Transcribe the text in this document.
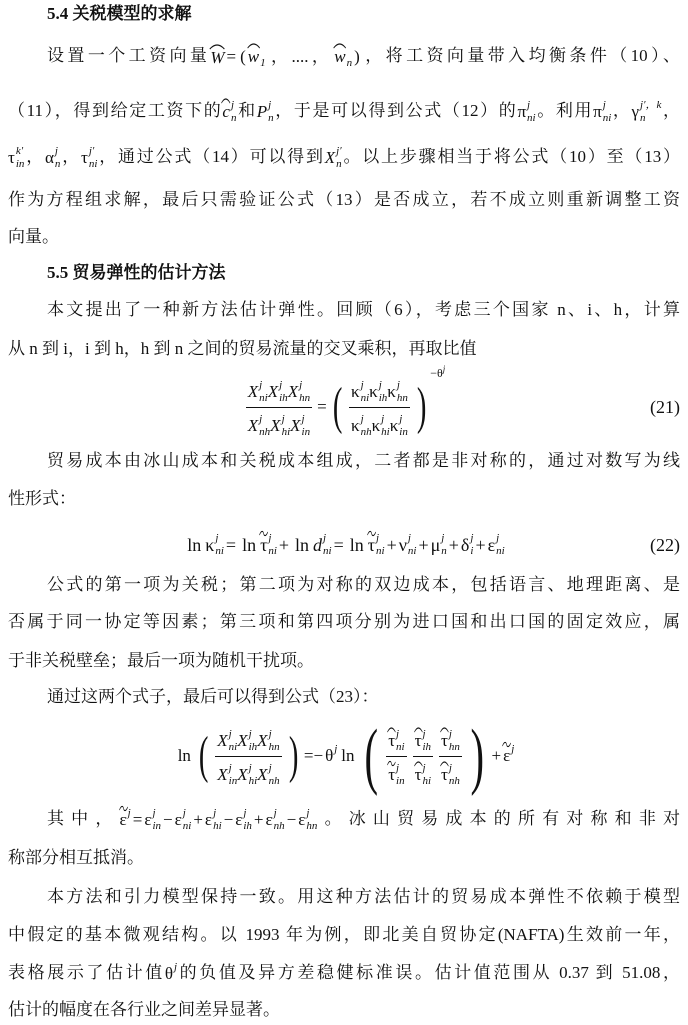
5.4 关税模型的求解
设置一个工资向量W = ( w 1 ，....， w n ) ，将工资向量带入均衡条件（10）、
（11），得到给定工资下的c j
n 和P j
n ，于是可以得到公式（12）的π j
ni 。利用π j
ni ，γ j′，k
n ，
τ k′
in ，α j
n ，τ j′
ni ，通过公式（14）可以得到X j′
n 。以上步骤相当于将公式（10）至（13）
作为方程组求解，最后只需验证公式（13）是否成立，若不成立则重新调整工资
向量。
5.5 贸易弹性的估计方法
本文提出了一种新方法估计弹性。回顾（6），考虑三个国家 n、i、h，计算
从 n 到 i，i 到 h，h 到 n 之间的贸易流量的交叉乘积，再取比值
X j
ni X j
ih X j
hn
X j
nh X j
hi X j
in = ( κ j
ni κ j
ih κ j
hn
κ j
nh κ j
hi κ j
in )
$-\theta^j$
(21)
贸易成本由冰山成本和关税成本组成，二者都是非对称的，通过对数写为线
性形式：
ln κ j
ni = ln τ j
ni + ln d j
ni = ln τ j
ni + ν j
ni + μ j
n + δ j
i + ε j
ni	(22)
公式的第一项为关税；第二项为对称的双边成本，包括语言、地理距离、是
否属于同一协定等因素；第三项和第四项分别为进口国和出口国的固定效应，属
于非关税壁垒；最后一项为随机干扰项。
通过这两个式子，最后可以得到公式（23）：
ln ( X j
ni X j
ih X j
hn
X j
in X j
hi X j
nh ) =− θ j ln ( τ j
ni
τ j
in τ j
ih
τ j
hi τ j
hn
τ j
nh ) + ε j
其中，ε j = ε j
in − ε j
ni + ε j
hi − ε j
ih + ε j
nh − ε j
hn 。冰山贸易成本的所有对称和非对
称部分相互抵消。
本方法和引力模型保持一致。用这种方法估计的贸易成本弹性不依赖于模型
中假定的基本微观结构。以 1993 年为例，即北美自贸协定(NAFTA)生效前一年，
表格展示了估计值θ j 的负值及异方差稳健标准误。估计值范围从 0.37 到 51.08，
估计的幅度在各行业之间差异显著。
